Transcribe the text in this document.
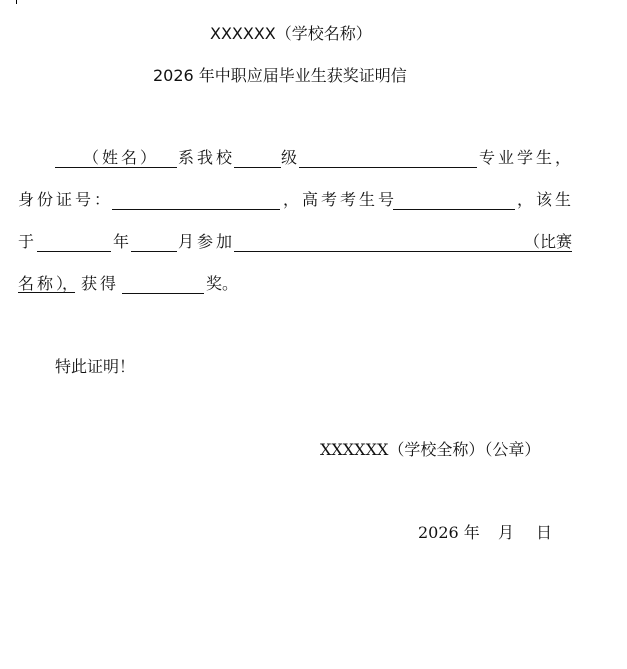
XXXXXX（学校名称）
2026 年中职应届毕业生获奖证明信
（姓名） 系我校	级	专业学生，
身份证号：	，高考考生号	，该生
于	年	月参加	（比赛
名称）
，获得	奖。
特此证明！
XXXXXX（学校全称）（公章）
2026 年 月 日
